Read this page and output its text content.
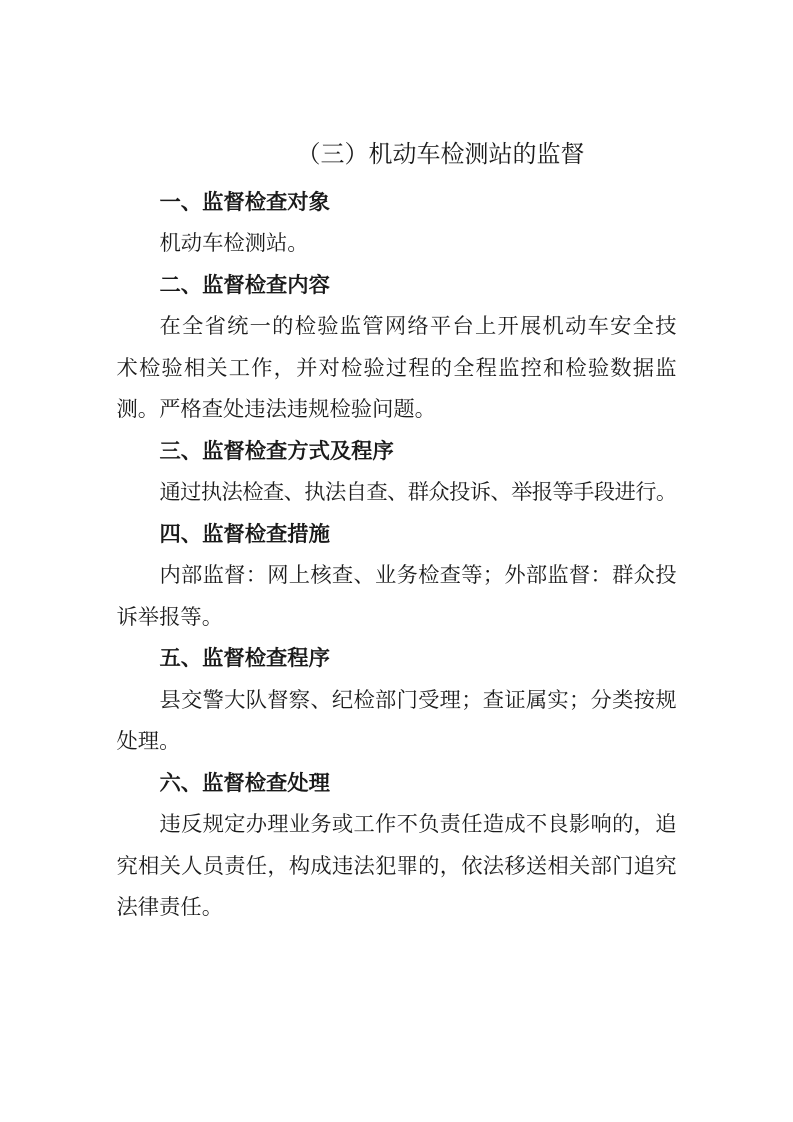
（三）机动车检测站的监督
一、监督检查对象
机动车检测站。
二、监督检查内容
在全省统一的检验监管网络平台上开展机动车安全技
术检验相关工作，并对检验过程的全程监控和检验数据监
测。严格查处违法违规检验问题。
三、监督检查方式及程序
通过执法检查、执法自查、群众投诉、举报等手段进行。
四、监督检查措施
内部监督：网上核查、业务检查等；外部监督：群众投
诉举报等。
五、监督检查程序
县交警大队督察、纪检部门受理；查证属实；分类按规
处理。
六、监督检查处理
违反规定办理业务或工作不负责任造成不良影响的，追
究相关人员责任，构成违法犯罪的，依法移送相关部门追究
法律责任。
